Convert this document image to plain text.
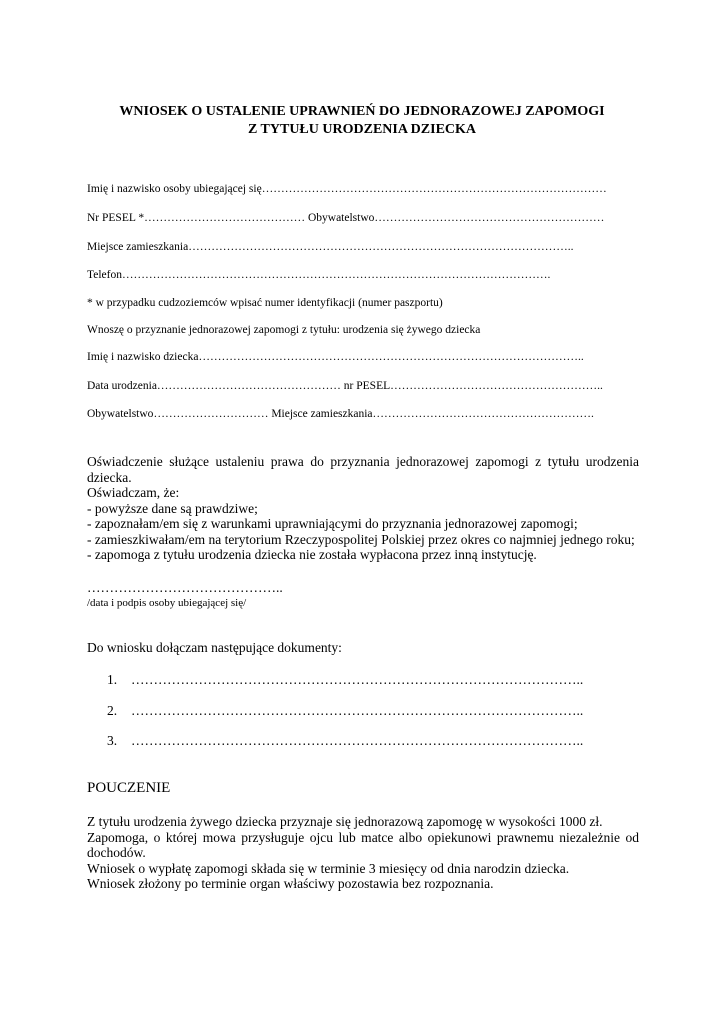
WNIOSEK O USTALENIE UPRAWNIEŃ DO JEDNORAZOWEJ ZAPOMOGI
Z TYTUŁU URODZENIA DZIECKA
Imię i nazwisko osoby ubiegającej się………………………………………………………………………………
Nr PESEL *…………………………………… Obywatelstwo……………………………………………………
Miejsce zamieszkania………………………………………………………………………………………..
Telefon………………………………………………………………………………………………….
* w przypadku cudzoziemców wpisać numer identyfikacji (numer paszportu)
Wnoszę o przyznanie jednorazowej zapomogi z tytułu: urodzenia się żywego dziecka
Imię i nazwisko dziecka………………………………………………………………………………………..
Data urodzenia………………………………………… nr PESEL………………………………………………..
Obywatelstwo………………………… Miejsce zamieszkania………………………………………………….

Oświadczenie służące ustaleniu prawa do przyznania jednorazowej zapomogi z tytułu urodzenia dziecka.

Oświadczam, że:

- powyższe dane są prawdziwe;

- zapoznałam/em się z warunkami uprawniającymi do przyznania jednorazowej zapomogi;

- zamieszkiwałam/em na terytorium Rzeczypospolitej Polskiej przez okres co najmniej jednego roku;

- zapomoga z tytułu urodzenia dziecka nie została wypłacona przez inną instytucję.

……………………………………..
/data i podpis osoby ubiegającej się/
Do wniosku dołączam następujące dokumenty:
1. ………………………………………………………………………………………..
2. ………………………………………………………………………………………..
3. ………………………………………………………………………………………..
POUCZENIE

Z tytułu urodzenia żywego dziecka przyznaje się jednorazową zapomogę w wysokości 1000 zł.

Zapomoga, o której mowa przysługuje ojcu lub matce albo opiekunowi prawnemu niezależnie od dochodów.

Wniosek o wypłatę zapomogi składa się w terminie 3 miesięcy od dnia narodzin dziecka.

Wniosek złożony po terminie organ właściwy pozostawia bez rozpoznania.
